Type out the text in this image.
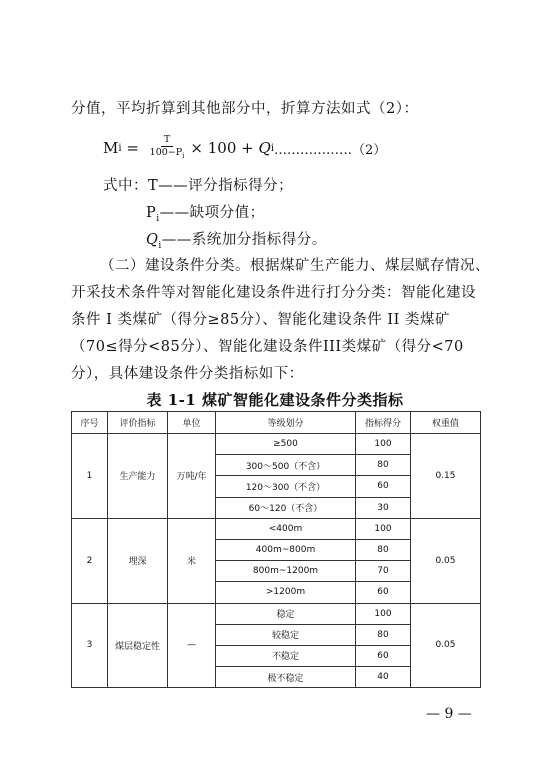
分值，平均折算到其他部分中，折算方法如式（2）：
M $i = \frac{T}{100-P_i} \times 100 + Q$ i ………………（2）
式中：T——评分指标得分；
$P_i——$缺项分值；
$Q_i——$系统加分指标得分。
（二）建设条件分类。根据煤矿生产能力、煤层赋存情况、开采技术条件等对智能化建设条件进行打分分类：智能化建设条件 I 类煤矿（得分≥85分）、智能化建设条件 II 类煤矿（70≤得分<85分）、智能化建设条件III类煤矿（得分<70分），具体建设条件分类指标如下：
表 1-1 煤矿智能化建设条件分类指标
序号	评价指标	单位	等级划分	指标得分	权重值
1	生产能力	万吨/年	≥500	100	0.15
			300～500（不含）	80	
			120～300（不含）	60	
			60～120（不含）	30	
2	埋深	米	<400m	100	0.05
			400m~800m	80	
			800m~1200m	70	
			>1200m	60	
3	煤层稳定性	—	稳定	100	0.05
			较稳定	80	
			不稳定	60	
			极不稳定	40	
— 9 —
